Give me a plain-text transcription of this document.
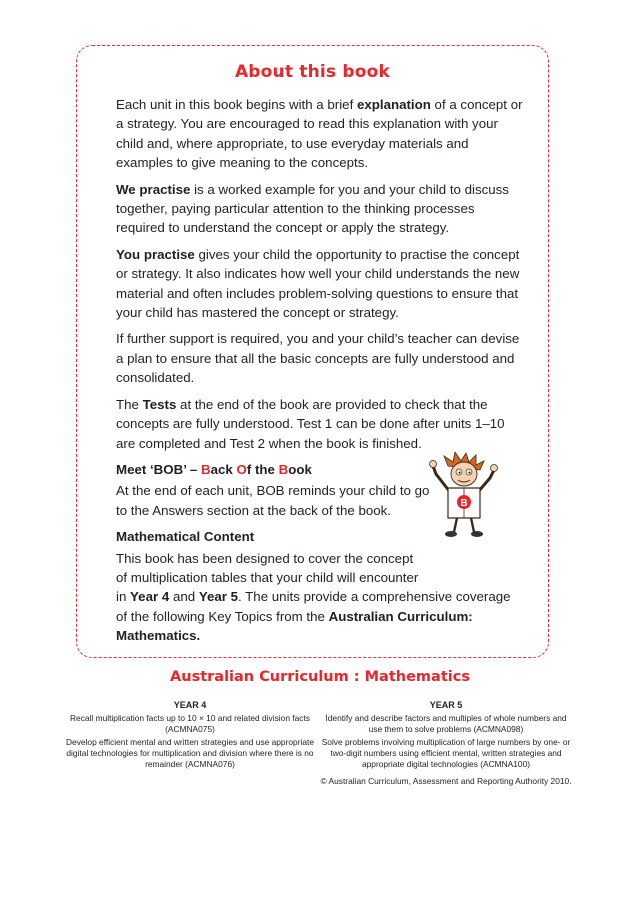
About this book

Each unit in this book begins with a brief explanation of a concept or a strategy. You are encouraged to read this explanation with your child and, where appropriate, to use everyday materials and examples to give meaning to the concepts.

We practise is a worked example for you and your child to discuss together, paying particular attention to the thinking processes required to understand the concept or apply the strategy.

You practise gives your child the opportunity to practise the concept or strategy. It also indicates how well your child understands the new material and often includes problem-solving questions to ensure that your child has mastered the concept or strategy.

If further support is required, you and your child’s teacher can devise a plan to ensure that all the basic concepts are fully understood and consolidated.

The Tests at the end of the book are provided to check that the concepts are fully understood. Test 1 can be done after units 1–10 are completed and Test 2 when the book is finished.

Meet ‘BOB’ – Back Of the Book

At the end of each unit, BOB reminds your child to go
to the Answers section at the back of the book.

Mathematical Content

This book has been designed to cover the concept
of multiplication tables that your child will encounter
in Year 4 and Year 5. The units provide a comprehensive coverage
of the following Key Topics from the Australian Curriculum:
Mathematics.

B
Australian Curriculum : Mathematics
YEAR 4

Recall multiplication facts up to 10 × 10 and related division facts (ACMNA075)

Develop efficient mental and written strategies and use appropriate digital technologies for multiplication and division where there is no remainder (ACMNA076)

YEAR 5

Identify and describe factors and multiples of whole numbers and use them to solve problems (ACMNA098)

Solve problems involving multiplication of large numbers by one- or two-digit numbers using efficient mental, written strategies and appropriate digital technologies (ACMNA100)

© Australian Curriculum, Assessment and Reporting Authority 2010.
